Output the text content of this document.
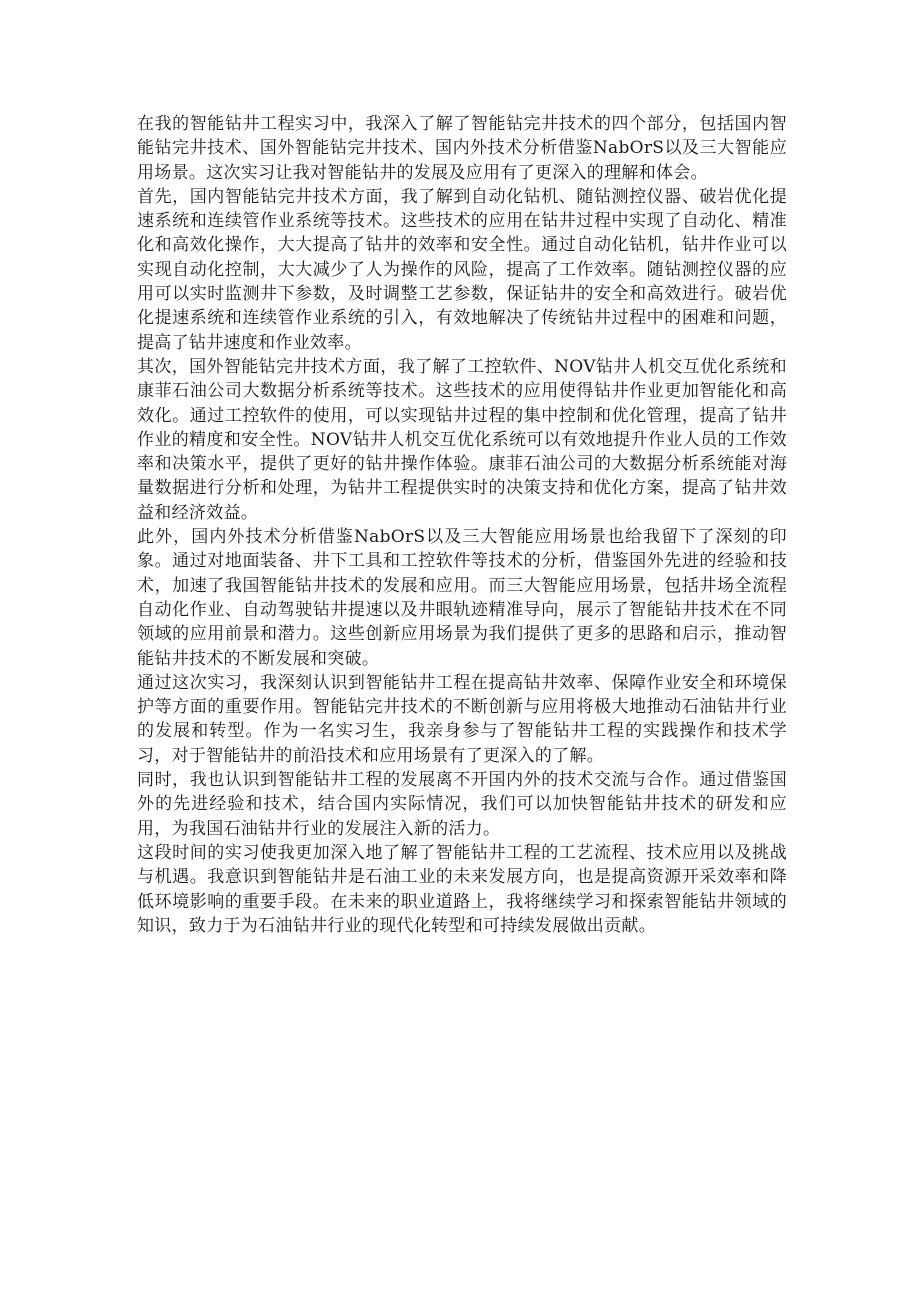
在我的智能钻井工程实习中，我深入了解了智能钻完井技术的四个部分，包括国内智能钻完井技术、国外智能钻完井技术、国内外技术分析借鉴NabOrS以及三大智能应用场景。这次实习让我对智能钻井的发展及应用有了更深入的理解和体会。

首先，国内智能钻完井技术方面，我了解到自动化钻机、随钻测控仪器、破岩优化提速系统和连续管作业系统等技术。这些技术的应用在钻井过程中实现了自动化、精准化和高效化操作，大大提高了钻井的效率和安全性。通过自动化钻机，钻井作业可以实现自动化控制，大大减少了人为操作的风险，提高了工作效率。随钻测控仪器的应用可以实时监测井下参数，及时调整工艺参数，保证钻井的安全和高效进行。破岩优化提速系统和连续管作业系统的引入，有效地解决了传统钻井过程中的困难和问题，提高了钻井速度和作业效率。

其次，国外智能钻完井技术方面，我了解了工控软件、NOV钻井人机交互优化系统和康菲石油公司大数据分析系统等技术。这些技术的应用使得钻井作业更加智能化和高效化。通过工控软件的使用，可以实现钻井过程的集中控制和优化管理，提高了钻井作业的精度和安全性。NOV钻井人机交互优化系统可以有效地提升作业人员的工作效率和决策水平，提供了更好的钻井操作体验。康菲石油公司的大数据分析系统能对海量数据进行分析和处理，为钻井工程提供实时的决策支持和优化方案，提高了钻井效益和经济效益。

此外，国内外技术分析借鉴NabOrS以及三大智能应用场景也给我留下了深刻的印象。通过对地面装备、井下工具和工控软件等技术的分析，借鉴国外先进的经验和技术，加速了我国智能钻井技术的发展和应用。而三大智能应用场景，包括井场全流程自动化作业、自动驾驶钻井提速以及井眼轨迹精准导向，展示了智能钻井技术在不同领域的应用前景和潜力。这些创新应用场景为我们提供了更多的思路和启示，推动智能钻井技术的不断发展和突破。

通过这次实习，我深刻认识到智能钻井工程在提高钻井效率、保障作业安全和环境保护等方面的重要作用。智能钻完井技术的不断创新与应用将极大地推动石油钻井行业的发展和转型。作为一名实习生，我亲身参与了智能钻井工程的实践操作和技术学习，对于智能钻井的前沿技术和应用场景有了更深入的了解。

同时，我也认识到智能钻井工程的发展离不开国内外的技术交流与合作。通过借鉴国外的先进经验和技术，结合国内实际情况，我们可以加快智能钻井技术的研发和应用，为我国石油钻井行业的发展注入新的活力。

这段时间的实习使我更加深入地了解了智能钻井工程的工艺流程、技术应用以及挑战与机遇。我意识到智能钻井是石油工业的未来发展方向，也是提高资源开采效率和降低环境影响的重要手段。在未来的职业道路上，我将继续学习和探索智能钻井领域的知识，致力于为石油钻井行业的现代化转型和可持续发展做出贡献。
